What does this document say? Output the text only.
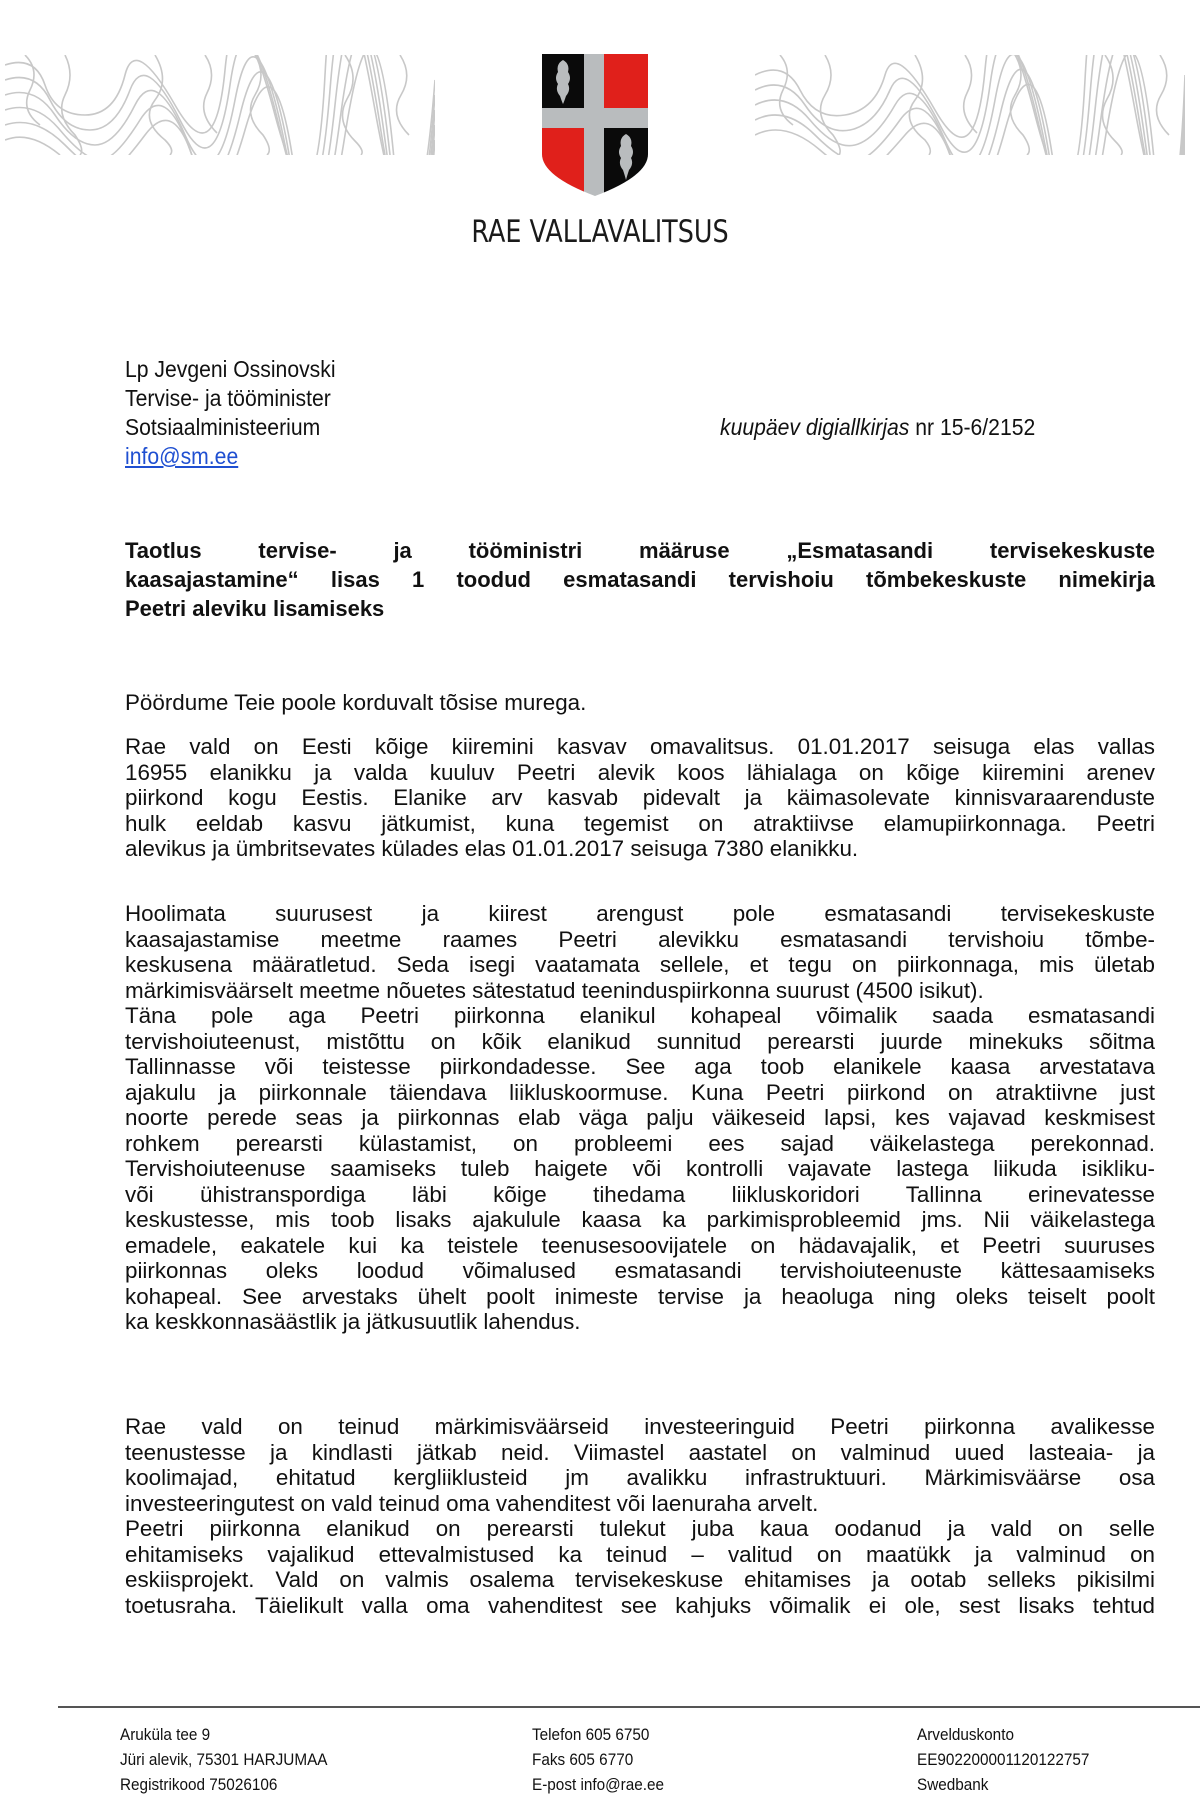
RAE VALLAVALITSUS
Lp Jevgeni Ossinovski
Tervise- ja tööminister
Sotsiaalministeerium
info@sm.ee
kuupäev digiallkirjas nr 15-6/2152
Taotlus tervise- ja tööministri määruse „Esmatasandi tervisekeskuste
kaasajastamine“ lisas 1 toodud esmatasandi tervishoiu tõmbekeskuste nimekirja
Peetri aleviku lisamiseks
Pöördume Teie poole korduvalt tõsise murega.
Rae vald on Eesti kõige kiiremini kasvav omavalitsus. 01.01.2017 seisuga elas vallas
16955 elanikku ja valda kuuluv Peetri alevik koos lähialaga on kõige kiiremini arenev
piirkond kogu Eestis. Elanike arv kasvab pidevalt ja käimasolevate kinnisvaraarenduste
hulk eeldab kasvu jätkumist, kuna tegemist on atraktiivse elamupiirkonnaga. Peetri
alevikus ja ümbritsevates külades elas 01.01.2017 seisuga 7380 elanikku.
Hoolimata suurusest ja kiirest arengust pole esmatasandi tervisekeskuste
kaasajastamise meetme raames Peetri alevikku esmatasandi tervishoiu tõmbe-
keskusena määratletud. Seda isegi vaatamata sellele, et tegu on piirkonnaga, mis ületab
märkimisväärselt meetme nõuetes sätestatud teeninduspiirkonna suurust (4500 isikut).
Täna pole aga Peetri piirkonna elanikul kohapeal võimalik saada esmatasandi
tervishoiuteenust, mistõttu on kõik elanikud sunnitud perearsti juurde minekuks sõitma
Tallinnasse või teistesse piirkondadesse. See aga toob elanikele kaasa arvestatava
ajakulu ja piirkonnale täiendava liikluskoormuse. Kuna Peetri piirkond on atraktiivne just
noorte perede seas ja piirkonnas elab väga palju väikeseid lapsi, kes vajavad keskmisest
rohkem perearsti külastamist, on probleemi ees sajad väikelastega perekonnad.
Tervishoiuteenuse saamiseks tuleb haigete või kontrolli vajavate lastega liikuda isikliku-
või ühistranspordiga läbi kõige tihedama liikluskoridori Tallinna erinevatesse
keskustesse, mis toob lisaks ajakulule kaasa ka parkimisprobleemid jms. Nii väikelastega
emadele, eakatele kui ka teistele teenusesoovijatele on hädavajalik, et Peetri suuruses
piirkonnas oleks loodud võimalused esmatasandi tervishoiuteenuste kättesaamiseks
kohapeal. See arvestaks ühelt poolt inimeste tervise ja heaoluga ning oleks teiselt poolt
ka keskkonnasäästlik ja jätkusuutlik lahendus.
Rae vald on teinud märkimisväärseid investeeringuid Peetri piirkonna avalikesse
teenustesse ja kindlasti jätkab neid. Viimastel aastatel on valminud uued lasteaia- ja
koolimajad, ehitatud kergliiklusteid jm avalikku infrastruktuuri. Märkimisväärse osa
investeeringutest on vald teinud oma vahenditest või laenuraha arvelt.
Peetri piirkonna elanikud on perearsti tulekut juba kaua oodanud ja vald on selle
ehitamiseks vajalikud ettevalmistused ka teinud – valitud on maatükk ja valminud on
eskiisprojekt. Vald on valmis osalema tervisekeskuse ehitamises ja ootab selleks pikisilmi
toetusraha. Täielikult valla oma vahenditest see kahjuks võimalik ei ole, sest lisaks tehtud
Aruküla tee 9
Jüri alevik, 75301 HARJUMAA
Registrikood 75026106
Telefon 605 6750
Faks 605 6770
E-post info@rae.ee
Arvelduskonto
EE902200001120122757
Swedbank
